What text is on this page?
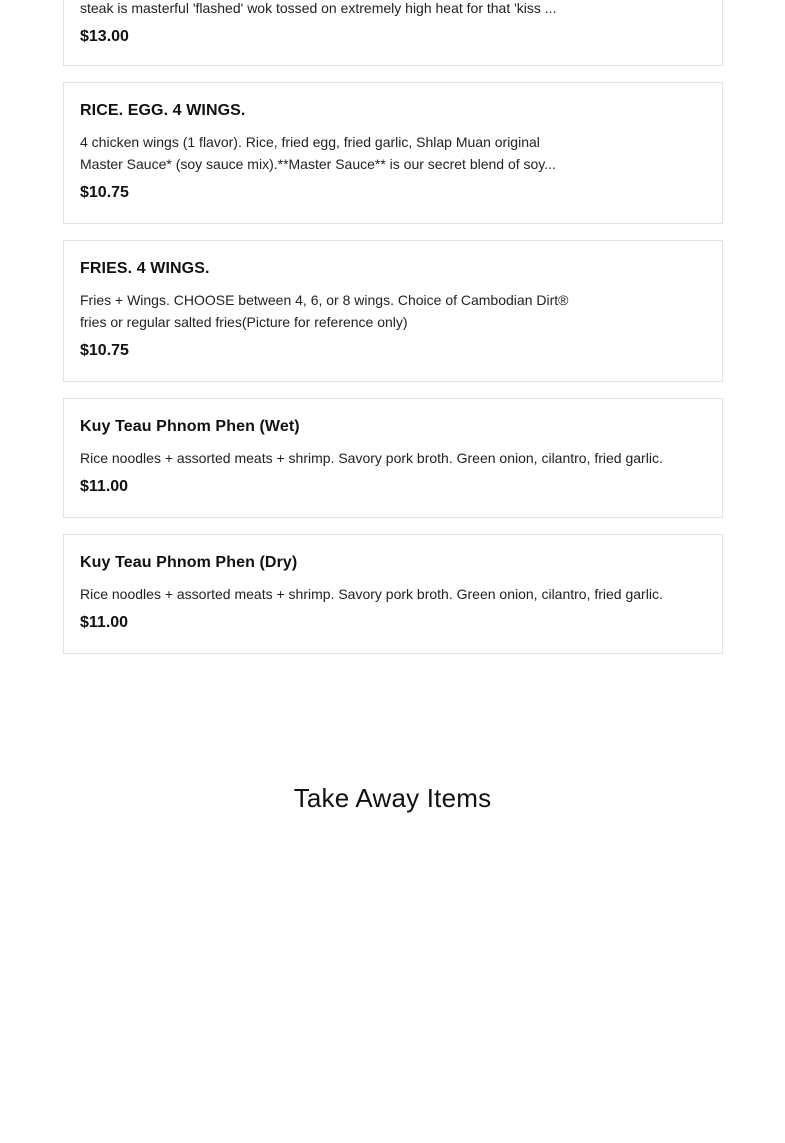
steak is masterful 'flashed' wok tossed on extremely high heat for that 'kiss ...

$13.00

RICE. EGG. 4 WINGS.

4 chicken wings (1 flavor). Rice, fried egg, fried garlic, Shlap Muan original
Master Sauce* (soy sauce mix).**Master Sauce** is our secret blend of soy...

$10.75

FRIES. 4 WINGS.

Fries + Wings. CHOOSE between 4, 6, or 8 wings. Choice of Cambodian Dirt®
fries or regular salted fries(Picture for reference only)

$10.75

Kuy Teau Phnom Phen (Wet)

Rice noodles + assorted meats + shrimp. Savory pork broth. Green onion, cilantro, fried garlic.

$11.00

Kuy Teau Phnom Phen (Dry)

Rice noodles + assorted meats + shrimp. Savory pork broth. Green onion, cilantro, fried garlic.

$11.00

Take Away Items
